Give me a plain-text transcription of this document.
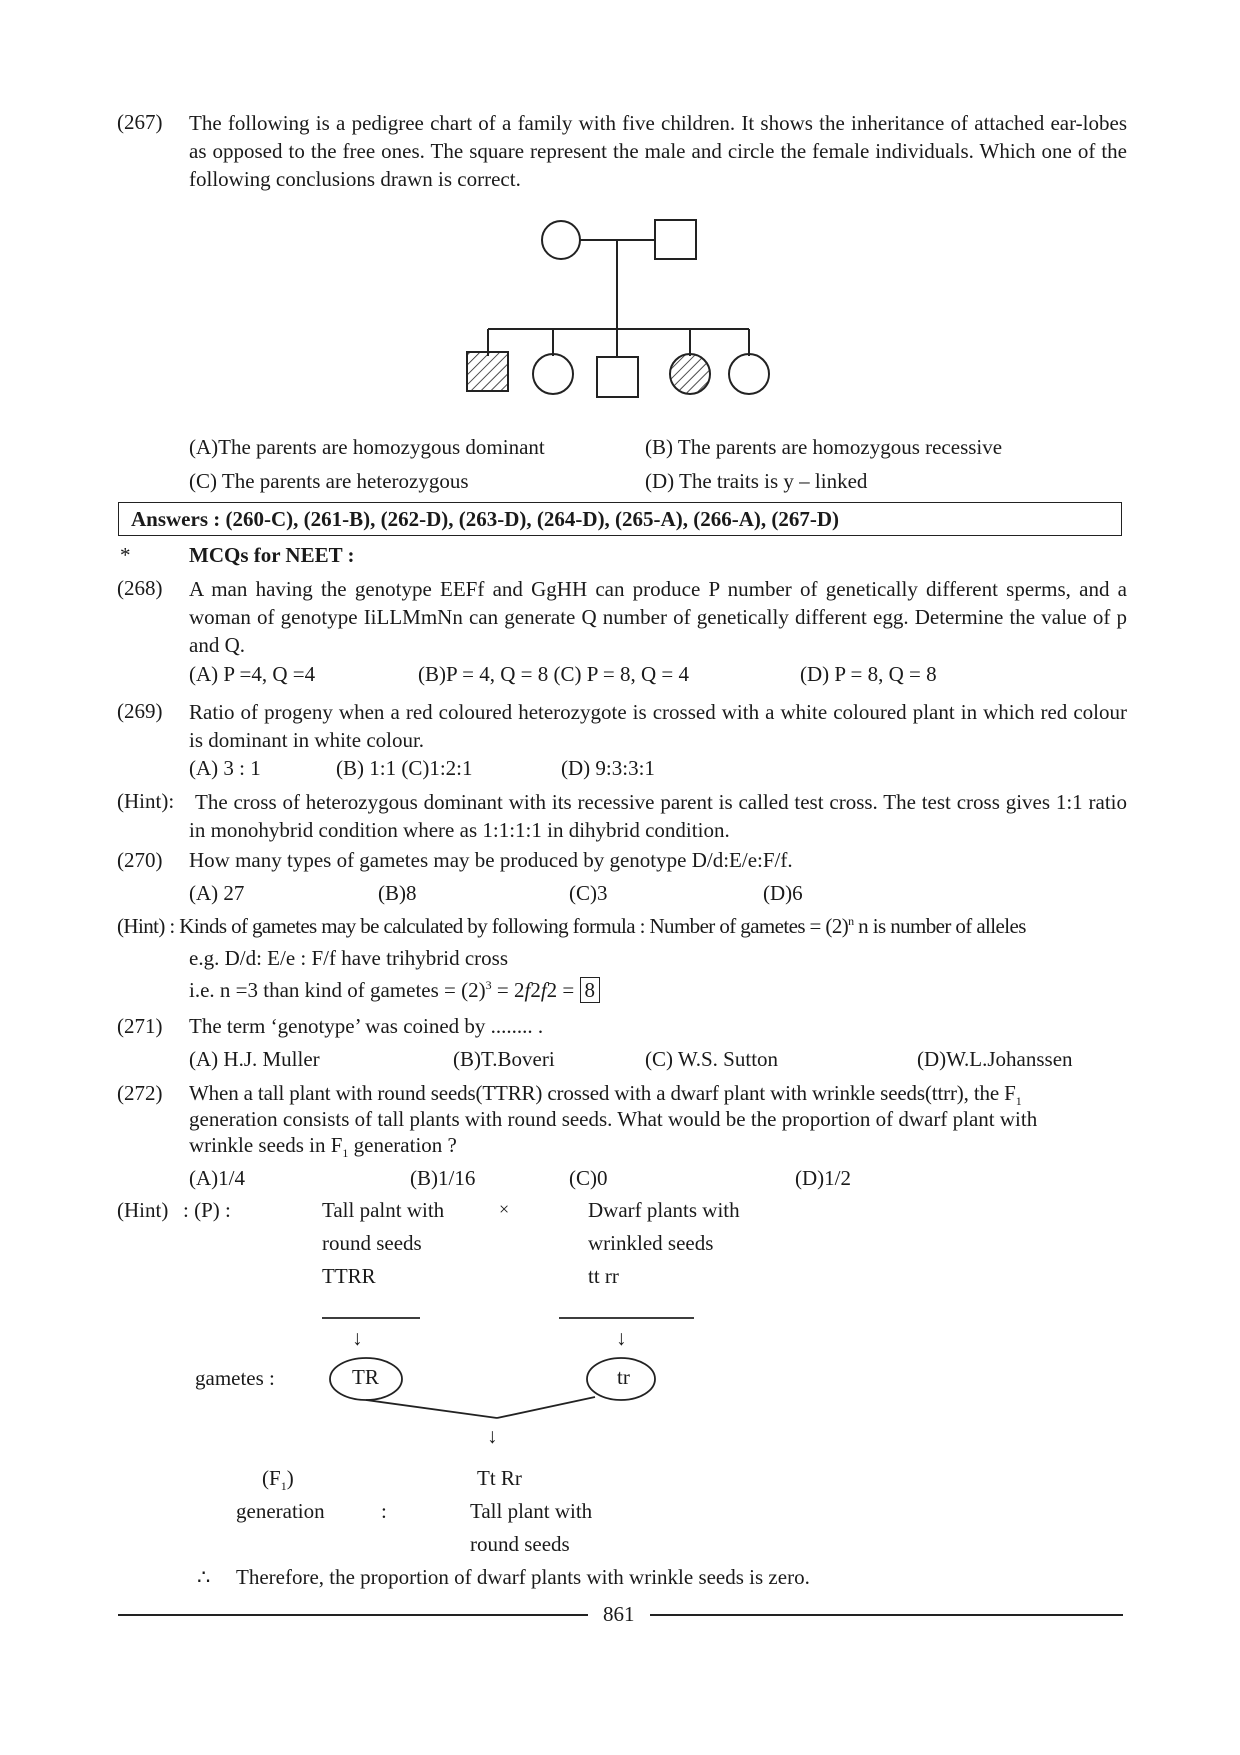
(267) The following is a pedigree chart of a family with five children. It shows the inheritance of attached ear-lobes as opposed to the free ones. The square represent the male and circle the female individuals. Which one of the following conclusions drawn is correct.
(A)The parents are homozygous dominant	(B) The parents are homozygous recessive
(C) The parents are heterozygous	(D) The traits is y – linked
Answers : (260-C), (261-B), (262-D), (263-D), (264-D), (265-A), (266-A), (267-D)
*	MCQs for NEET :
(268) A man having the genotype EEFf and GgHH can produce P number of genetically different sperms, and a woman of genotype IiLLMmNn can generate Q number of genetically different egg. Determine the value of p and Q.
(A) P =4, Q =4	(B)P = 4, Q = 8 (C) P = 8, Q = 4	(D) P = 8, Q = 8
(269) Ratio of progeny when a red coloured heterozygote is crossed with a white coloured plant in which red colour is dominant in white colour.
(A) 3 : 1	(B) 1:1 (C)1:2:1	(D) 9:3:3:1
(Hint): The cross of heterozygous dominant with its recessive parent is called test cross. The test cross gives 1:1 ratio in monohybrid condition where as 1:1:1:1 in dihybrid condition.
(270) How many types of gametes may be produced by genotype D/d:E/e:F/f.
(A) 27	(B)8	(C)3	(D)6
(Hint) : Kinds of gametes may be calculated by following formula : Number of gametes = $(2)^n$ n is number of alleles
e.g. D/d: E/e : F/f have trihybrid cross
i.e. n =3 than kind of gametes = $(2)^3 = 2f2f2 = 8$
(271) The term ‘genotype’ was coined by ........ .
(A) H.J. Muller	(B)T.Boveri	(C) W.S. Sutton	(D)W.L.Johanssen
(272) When a tall plant with round seeds(TTRR) crossed with a dwarf plant with wrinkle seeds(ttrr), the $F_1$
generation consists of tall plants with round seeds. What would be the proportion of dwarf plant with
wrinkle seeds in $F_1$ generation ?
(A)1/4	(B)1/16	(C)0	(D)1/2
(Hint) : (P) :	Tall palnt with
round seeds
TTRR
×	Dwarf plants with
wrinkled seeds
tt rr
↓	↓
gametes :	TR	tr
↓
$(F_1)$
generation	:
Tt Rr
Tall plant with
round seeds
∴ Therefore, the proportion of dwarf plants with wrinkle seeds is zero.
861
